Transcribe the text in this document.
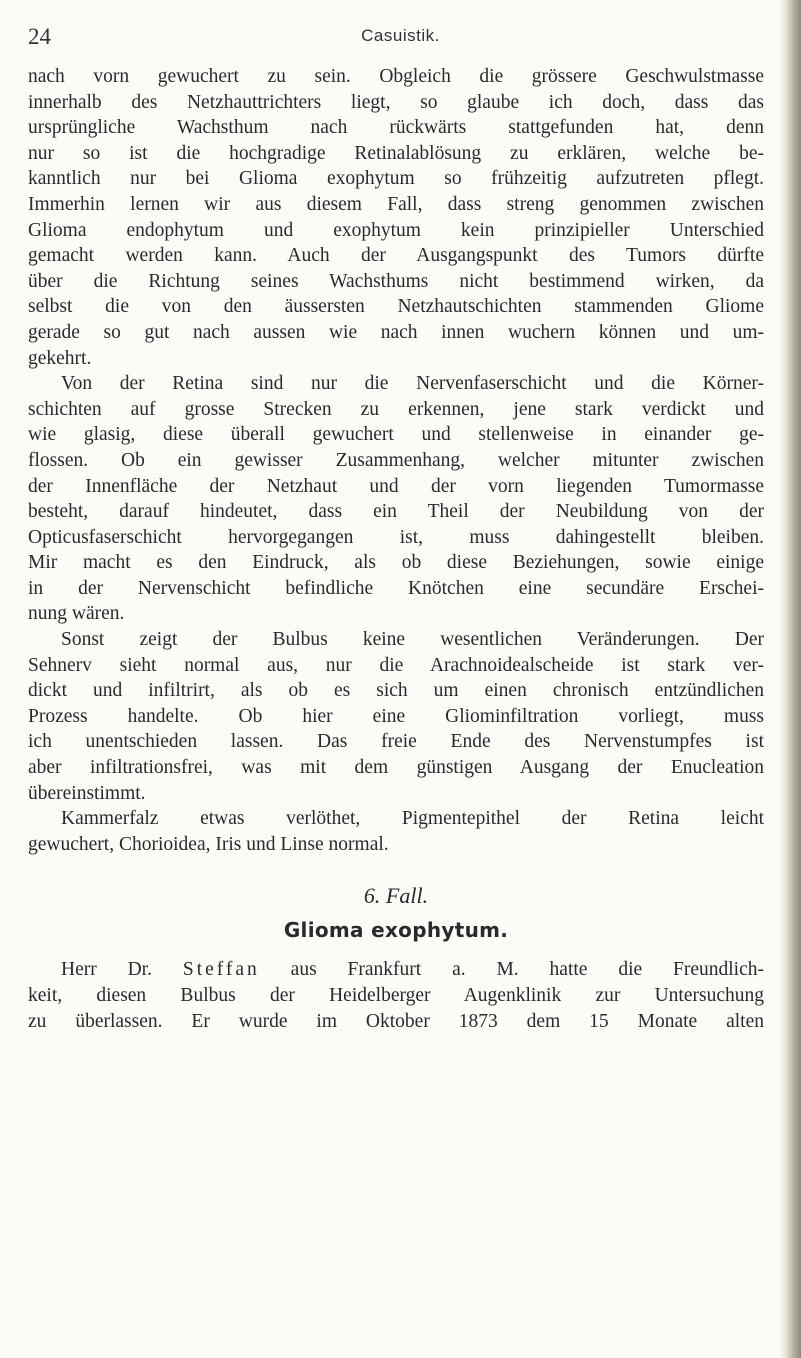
24	Casuistik.
nach vorn gewuchert zu sein. Obgleich die grössere Geschwulstmasse
innerhalb des Netzhauttrichters liegt, so glaube ich doch, dass das
ursprüngliche Wachsthum nach rückwärts stattgefunden hat, denn
nur so ist die hochgradige Retinalablösung zu erklären, welche be-
kanntlich nur bei Glioma exophytum so frühzeitig aufzutreten pflegt.
Immerhin lernen wir aus diesem Fall, dass streng genommen zwischen
Glioma endophytum und exophytum kein prinzipieller Unterschied
gemacht werden kann. Auch der Ausgangspunkt des Tumors dürfte
über die Richtung seines Wachsthums nicht bestimmend wirken, da
selbst die von den äussersten Netzhautschichten stammenden Gliome
gerade so gut nach aussen wie nach innen wuchern können und um-
gekehrt.
Von der Retina sind nur die Nervenfaserschicht und die Körner-
schichten auf grosse Strecken zu erkennen, jene stark verdickt und
wie glasig, diese überall gewuchert und stellenweise in einander ge-
flossen. Ob ein gewisser Zusammenhang, welcher mitunter zwischen
der Innenfläche der Netzhaut und der vorn liegenden Tumormasse
besteht, darauf hindeutet, dass ein Theil der Neubildung von der
Opticusfaserschicht hervorgegangen ist, muss dahingestellt bleiben.
Mir macht es den Eindruck, als ob diese Beziehungen, sowie einige
in der Nervenschicht befindliche Knötchen eine secundäre Erschei-
nung wären.
Sonst zeigt der Bulbus keine wesentlichen Veränderungen. Der
Sehnerv sieht normal aus, nur die Arachnoidealscheide ist stark ver-
dickt und infiltrirt, als ob es sich um einen chronisch entzündlichen
Prozess handelte. Ob hier eine Gliominfiltration vorliegt, muss
ich unentschieden lassen. Das freie Ende des Nervenstumpfes ist
aber infiltrationsfrei, was mit dem günstigen Ausgang der Enucleation
übereinstimmt.
Kammerfalz etwas verlöthet, Pigmentepithel der Retina leicht
gewuchert, Chorioidea, Iris und Linse normal.
6. Fall.
Glioma exophytum.
Herr Dr. Steffan aus Frankfurt a. M. hatte die Freundlich-
keit, diesen Bulbus der Heidelberger Augenklinik zur Untersuchung
zu überlassen. Er wurde im Oktober 1873 dem 15 Monate alten
